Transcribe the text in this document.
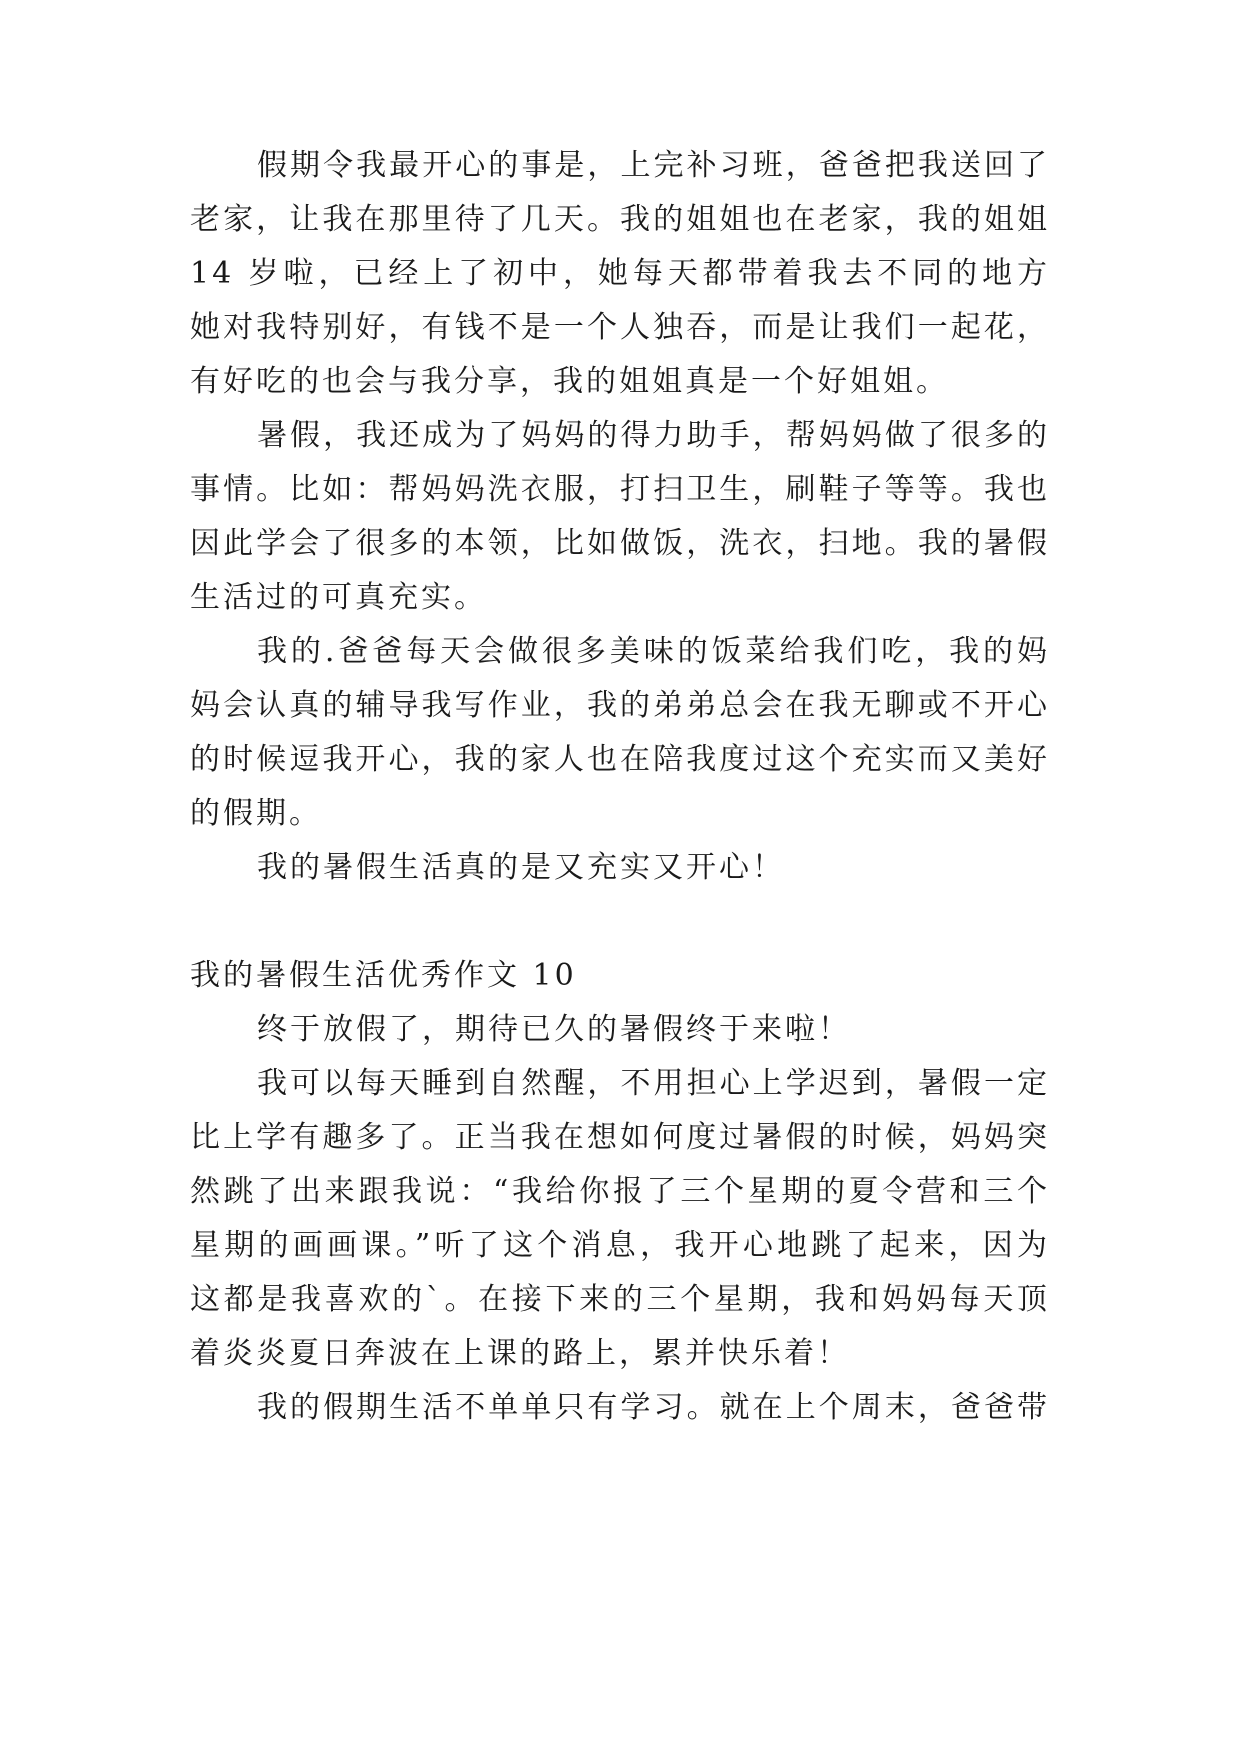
假期令我最开心的事是，上完补习班，爸爸把我送回了
老家，让我在那里待了几天。我的姐姐也在老家，我的姐姐
14 岁啦，已经上了初中，她每天都带着我去不同的地方
她对我特别好，有钱不是一个人独吞，而是让我们一起花，
有好吃的也会与我分享，我的姐姐真是一个好姐姐。
暑假，我还成为了妈妈的得力助手，帮妈妈做了很多的
事情。比如：帮妈妈洗衣服，打扫卫生，刷鞋子等等。我也
因此学会了很多的本领，比如做饭，洗衣，扫地。我的暑假
生活过的可真充实。
我的.爸爸每天会做很多美味的饭菜给我们吃，我的妈
妈会认真的辅导我写作业，我的弟弟总会在我无聊或不开心
的时候逗我开心，我的家人也在陪我度过这个充实而又美好
的假期。
我的暑假生活真的是又充实又开心！
我的暑假生活优秀作文 10
终于放假了，期待已久的暑假终于来啦！
我可以每天睡到自然醒，不用担心上学迟到，暑假一定
比上学有趣多了。正当我在想如何度过暑假的时候，妈妈突
然跳了出来跟我说：“我给你报了三个星期的夏令营和三个
星期的画画课。”听了这个消息，我开心地跳了起来，因为
这都是我喜欢的`。在接下来的三个星期，我和妈妈每天顶
着炎炎夏日奔波在上课的路上，累并快乐着！
我的假期生活不单单只有学习。就在上个周末，爸爸带
